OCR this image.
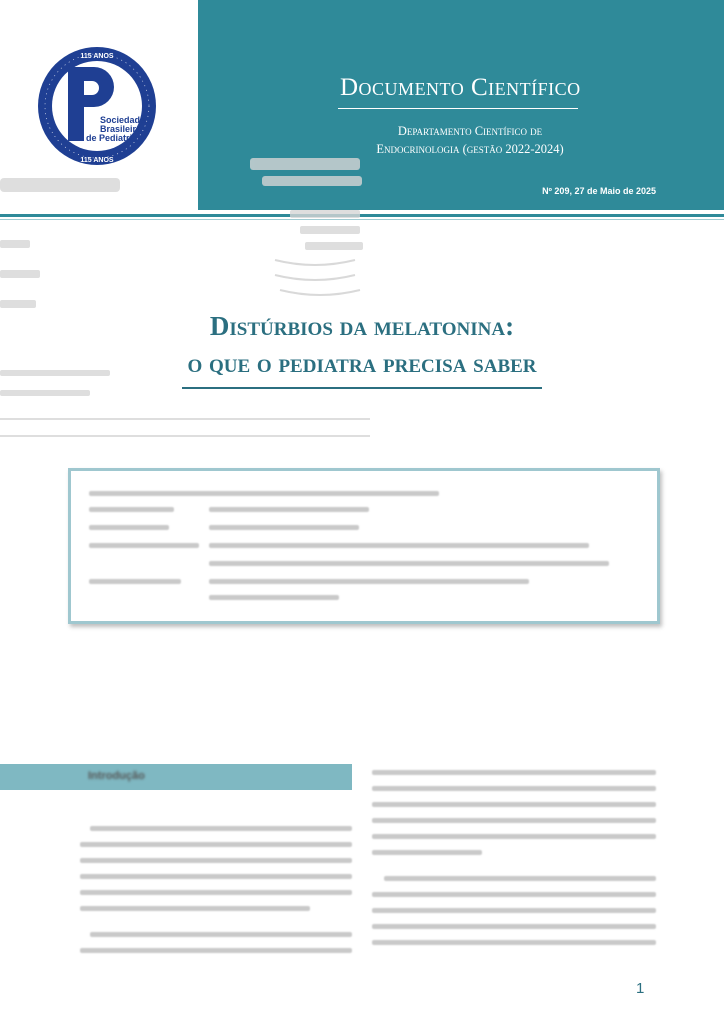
Documento Científico
Departamento Científico de
Endocrinologia (gestão 2022-2024)
Nº 209, 27 de Maio de 2025
115 ANOS
115 ANOS
Sociedade
Brasileira
de Pediatria
Distúrbios da melatonina:
o que o pediatra precisa saber
Introdução
1
